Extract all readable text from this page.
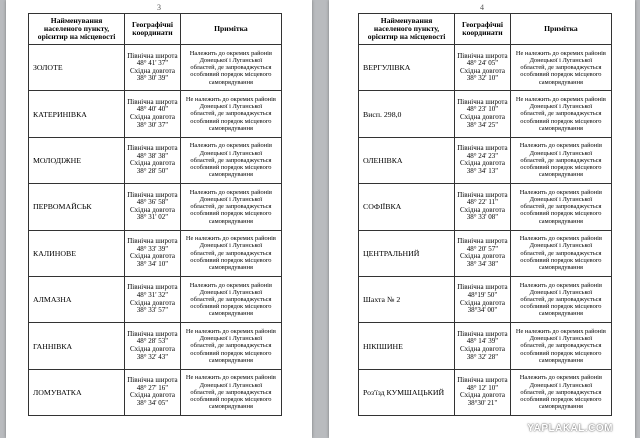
3
Найменування
населеного пункту,
орієнтир на місцевості	Географічні
координати	Примітка

ЗОЛОТЕ	Північна широта
48° 41' 37"
Східна довгота
38° 30' 39"	Належить до окремих районів
Донецької і Луганської
областей, де запроваджується
особливий порядок місцевого
самоврядування

КАТЕРИНІВКА	Північна широта
48° 40' 40"
Східна довгота
38° 30' 37"	Не належить до окремих районів
Донецької і Луганської
областей, де запроваджується
особливий порядок місцевого
самоврядування

МОЛОДІЖНЕ	Північна широта
48° 38' 38"
Східна довгота
38° 28' 50"	Належить до окремих районів
Донецької і Луганської
областей, де запроваджується
особливий порядок місцевого
самоврядування

ПЕРВОМАЙСЬК	Північна широта
48° 36' 58"
Східна довгота
38° 31' 02"	Належить до окремих районів
Донецької і Луганської
областей, де запроваджується
особливий порядок місцевого
самоврядування

КАЛИНОВЕ	Північна широта
48° 33' 39"
Східна довгота
38° 34' 10"	Не належить до окремих районів
Донецької і Луганської
областей, де запроваджується
особливий порядок місцевого
самоврядування

АЛМАЗНА	Північна широта
48° 31' 32"
Східна довгота
38° 33' 57"	Належить до окремих районів
Донецької і Луганської
областей, де запроваджується
особливий порядок місцевого
самоврядування

ГАННІВКА	Північна широта
48° 28' 53"
Східна довгота
38° 32' 43"	Не належить до окремих районів
Донецької і Луганської
областей, де запроваджується
особливий порядок місцевого
самоврядування

ЛОМУВАТКА	Північна широта
48° 27' 16"
Східна довгота
38° 34' 05"	Не належить до окремих районів
Донецької і Луганської
областей, де запроваджується
особливий порядок місцевого
самоврядування
4
Найменування
населеного пункту,
орієнтир на місцевості	Географічні
координати	Примітка

ВЕРГУЛІВКА	Північна широта
48° 24' 05"
Східна довгота
38° 32' 10"	Не належить до окремих районів
Донецької і Луганської
областей, де запроваджується
особливий порядок місцевого
самоврядування

Висп. 298,0	Північна широта
48° 23' 10"
Східна довгота
38° 34' 25"	Не належить до окремих районів
Донецької і Луганської
областей, де запроваджується
особливий порядок місцевого
самоврядування

ОЛЕНІВКА	Північна широта
48° 24' 23"
Східна довгота
38° 34' 13"	Належить до окремих районів
Донецької і Луганської
областей, де запроваджується
особливий порядок місцевого
самоврядування

СОФІЇВКА	Північна широта
48° 22' 11"
Східна довгота
38° 33' 08"	Належить до окремих районів
Донецької і Луганської
областей, де запроваджується
особливий порядок місцевого
самоврядування

ЦЕНТРАЛЬНИЙ	Північна широта
48° 20' 57"
Східна довгота
38° 34' 38"	Належить до окремих районів
Донецької і Луганської
областей, де запроваджується
особливий порядок місцевого
самоврядування

Шахта № 2	Північна широта
48°19' 50"
Східна довгота
38°34' 00"	Належить до окремих районів
Донецької і Луганської
областей, де запроваджується
особливий порядок місцевого
самоврядування

НІКІШИНЕ	Північна широта
48° 14' 39"
Східна довгота
38° 32' 28"	Не належить до окремих районів
Донецької і Луганської
областей, де запроваджується
особливий порядок місцевого
самоврядування

Роз'їзд КУМШАЦЬКИЙ	Північна широта
48° 12' 10"
Східна довгота
38°30' 21"	Належить до окремих районів
Донецької і Луганської
областей, де запроваджується
особливий порядок місцевого
самоврядування
YAPLAKAL.COM
